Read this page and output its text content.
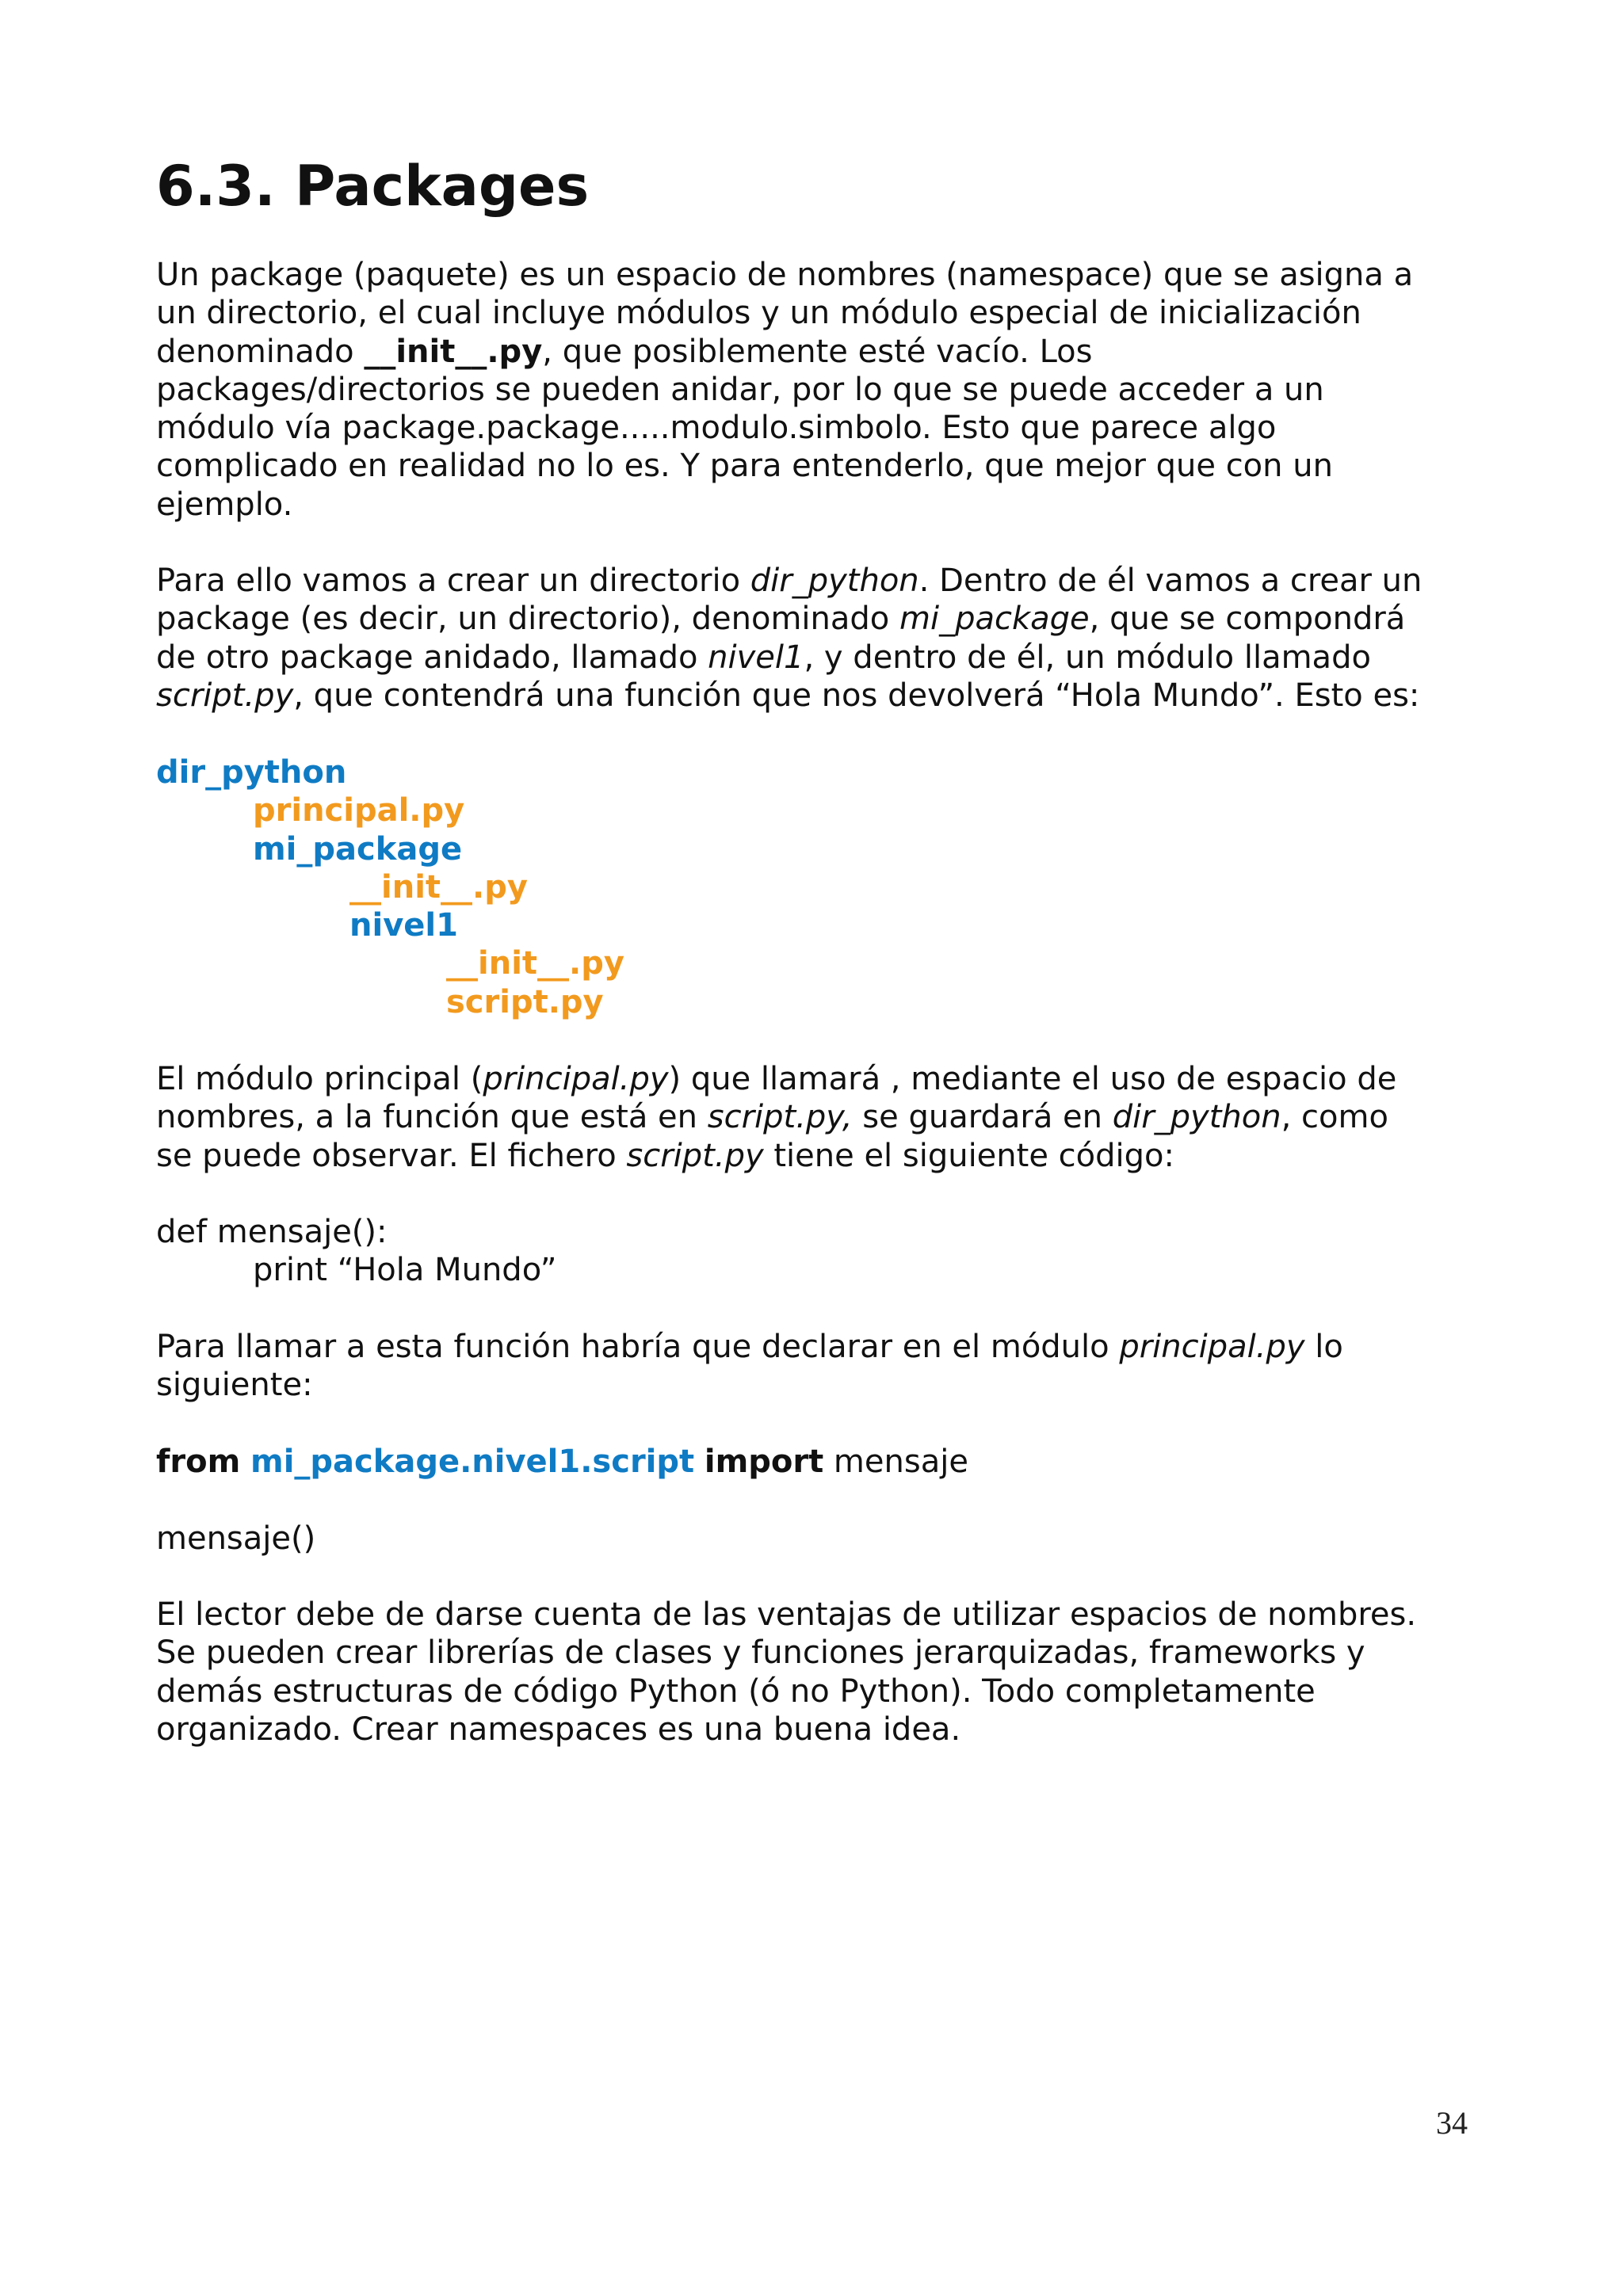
6.3. Packages
Un package (paquete) es un espacio de nombres (namespace) que se asigna a
un directorio, el cual incluye módulos y un módulo especial de inicialización
denominado __init__.py, que posiblemente esté vacío. Los
packages/directorios se pueden anidar, por lo que se puede acceder a un
módulo vía package.package.....modulo.simbolo. Esto que parece algo
complicado en realidad no lo es. Y para entenderlo, que mejor que con un
ejemplo.
Para ello vamos a crear un directorio dir_python. Dentro de él vamos a crear un
package (es decir, un directorio), denominado mi_package, que se compondrá
de otro package anidado, llamado nivel1, y dentro de él, un módulo llamado
script.py, que contendrá una función que nos devolverá “Hola Mundo”. Esto es:
dir_python
principal.py
mi_package
__init__.py
nivel1
__init__.py
script.py
El módulo principal (principal.py) que llamará , mediante el uso de espacio de
nombres, a la función que está en script.py, se guardará en dir_python, como
se puede observar. El fichero script.py tiene el siguiente código:
def mensaje():
print “Hola Mundo”
Para llamar a esta función habría que declarar en el módulo principal.py lo
siguiente:
from mi_package.nivel1.script import mensaje
mensaje()
El lector debe de darse cuenta de las ventajas de utilizar espacios de nombres.
Se pueden crear librerías de clases y funciones jerarquizadas, frameworks y
demás estructuras de código Python (ó no Python). Todo completamente
organizado. Crear namespaces es una buena idea.
34
